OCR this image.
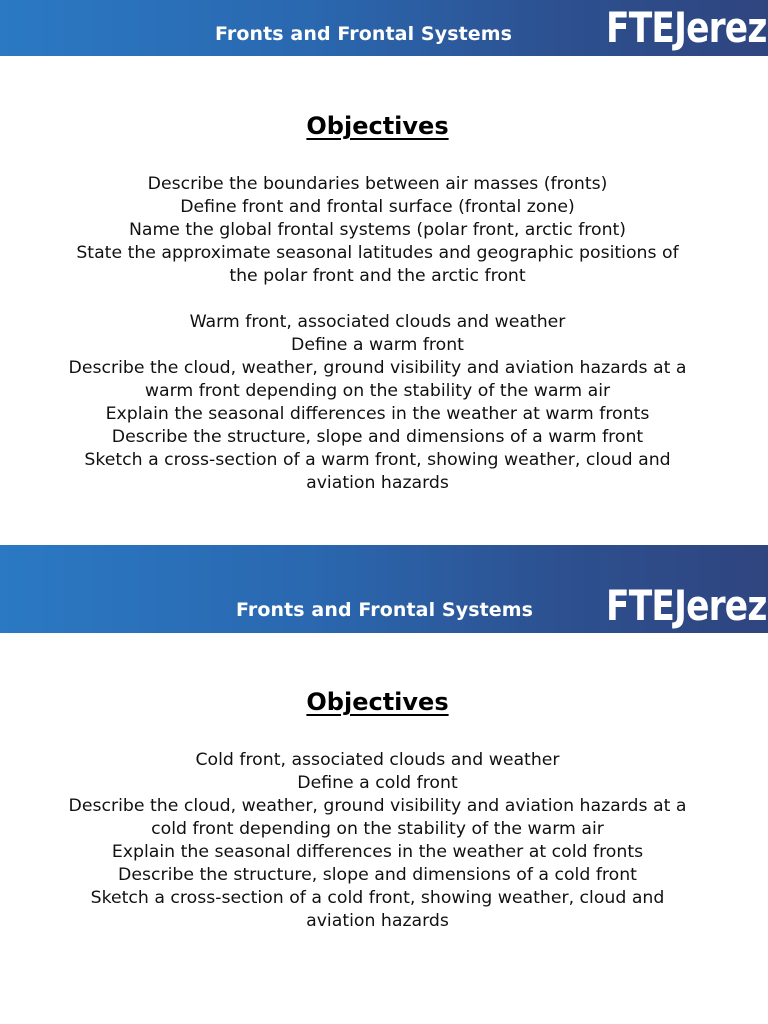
Fronts and Frontal Systems FTEJerez
Objectives
Describe the boundaries between air masses (fronts)
Define front and frontal surface (frontal zone)
Name the global frontal systems (polar front, arctic front)
State the approximate seasonal latitudes and geographic positions of
the polar front and the arctic front
Warm front, associated clouds and weather
Define a warm front
Describe the cloud, weather, ground visibility and aviation hazards at a
warm front depending on the stability of the warm air
Explain the seasonal differences in the weather at warm fronts
Describe the structure, slope and dimensions of a warm front
Sketch a cross-section of a warm front, showing weather, cloud and
aviation hazards
Fronts and Frontal Systems FTEJerez
Objectives
Cold front, associated clouds and weather
Define a cold front
Describe the cloud, weather, ground visibility and aviation hazards at a
cold front depending on the stability of the warm air
Explain the seasonal differences in the weather at cold fronts
Describe the structure, slope and dimensions of a cold front
Sketch a cross-section of a cold front, showing weather, cloud and
aviation hazards
